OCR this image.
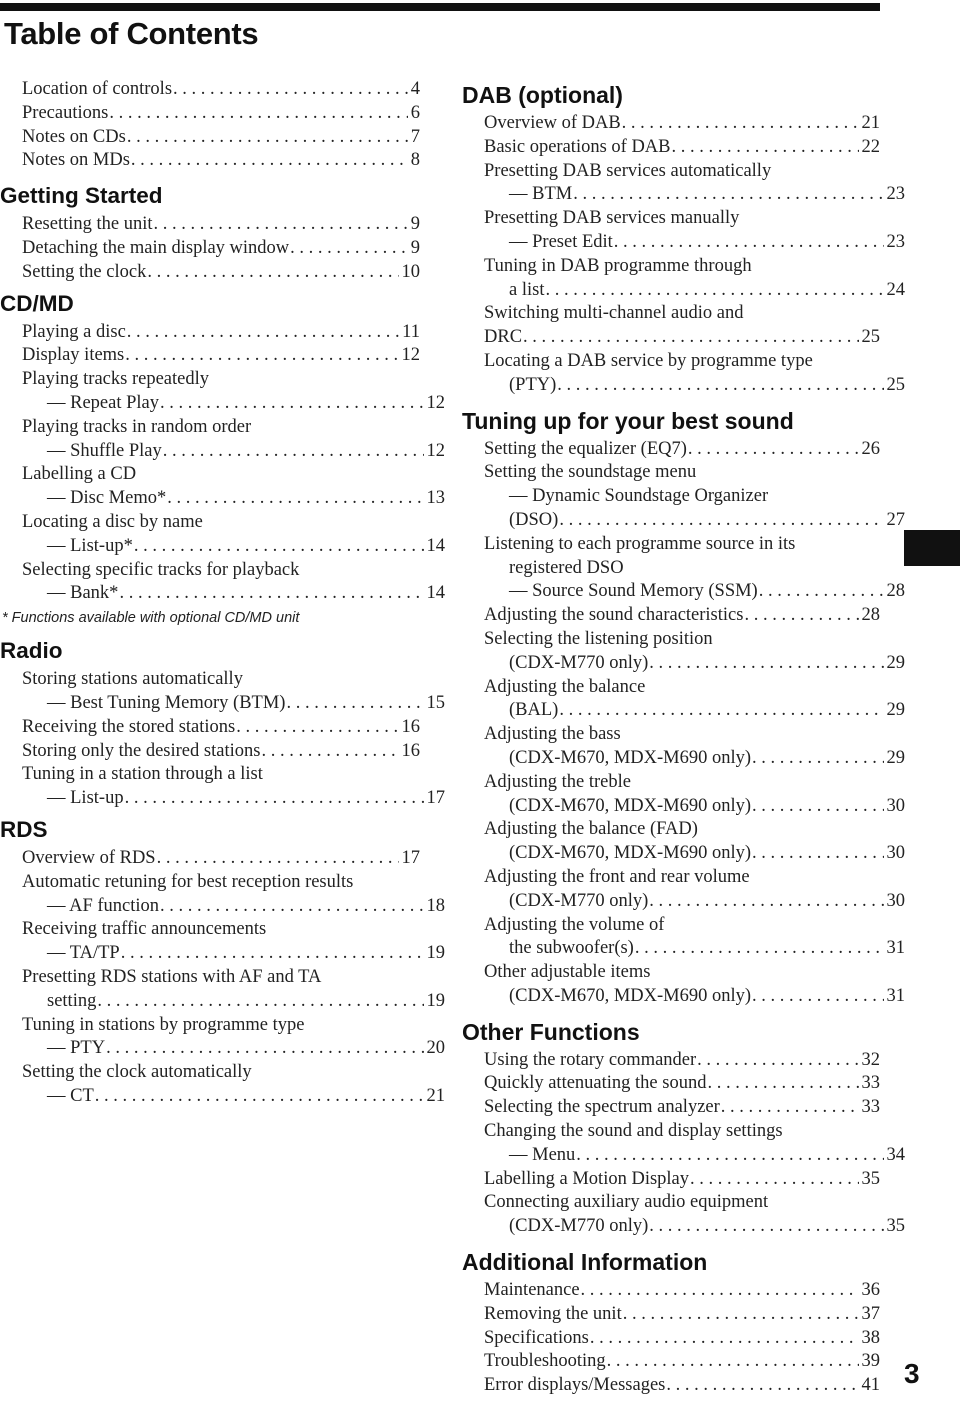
Table of Contents
Location of controls . . .	4
Precautions . . .	6
Notes on CDs . . .	7
Notes on MDs . . .	8
Getting Started
Resetting the unit . . .	9
Detaching the main display window . . .	9
Setting the clock . . .	10
CD/MD
Playing a disc . . .	11
Display items . . .	12
Playing tracks repeatedly
— Repeat Play . . .	12
Playing tracks in random order
— Shuffle Play . . .	12
Labelling a CD
— Disc Memo* . . .	13
Locating a disc by name
— List-up* . . .	14
Selecting specific tracks for playback
— Bank* . . .	14
* Functions available with optional CD/MD unit
Radio
Storing stations automatically
— Best Tuning Memory (BTM) . . .	15
Receiving the stored stations . . .	16
Storing only the desired stations . . .	16
Tuning in a station through a list
— List-up . . .	17
RDS
Overview of RDS . . .	17
Automatic retuning for best reception results
— AF function . . .	18
Receiving traffic announcements
— TA/TP . . .	19
Presetting RDS stations with AF and TA
setting . . .	19
Tuning in stations by programme type
— PTY . . .	20
Setting the clock automatically
— CT . . .	21
DAB (optional)
Overview of DAB . . .	21
Basic operations of DAB . . .	22
Presetting DAB services automatically
— BTM . . .	23
Presetting DAB services manually
— Preset Edit . . .	23
Tuning in DAB programme through
a list . . .	24
Switching multi-channel audio and
DRC . . .	25
Locating a DAB service by programme type
(PTY) . . .	25
Tuning up for your best sound
Setting the equalizer (EQ7) . . .	26
Setting the soundstage menu
— Dynamic Soundstage Organizer
(DSO) . . .	27
Listening to each programme source in its
registered DSO
— Source Sound Memory (SSM) . . .	28
Adjusting the sound characteristics . . .	28
Selecting the listening position
(CDX-M770 only) . . .	29
Adjusting the balance
(BAL) . . .	29
Adjusting the bass
(CDX-M670, MDX-M690 only) . . .	29
Adjusting the treble
(CDX-M670, MDX-M690 only) . . .	30
Adjusting the balance (FAD)
(CDX-M670, MDX-M690 only) . . .	30
Adjusting the front and rear volume
(CDX-M770 only) . . .	30
Adjusting the volume of
the subwoofer(s) . . .	31
Other adjustable items
(CDX-M670, MDX-M690 only) . . .	31
Other Functions
Using the rotary commander . . .	32
Quickly attenuating the sound . . .	33
Selecting the spectrum analyzer . . .	33
Changing the sound and display settings
— Menu . . .	34
Labelling a Motion Display . . .	35
Connecting auxiliary audio equipment
(CDX-M770 only) . . .	35
Additional Information
Maintenance . . .	36
Removing the unit . . .	37
Specifications . . .	38
Troubleshooting . . .	39
Error displays/Messages . . .	41 3
